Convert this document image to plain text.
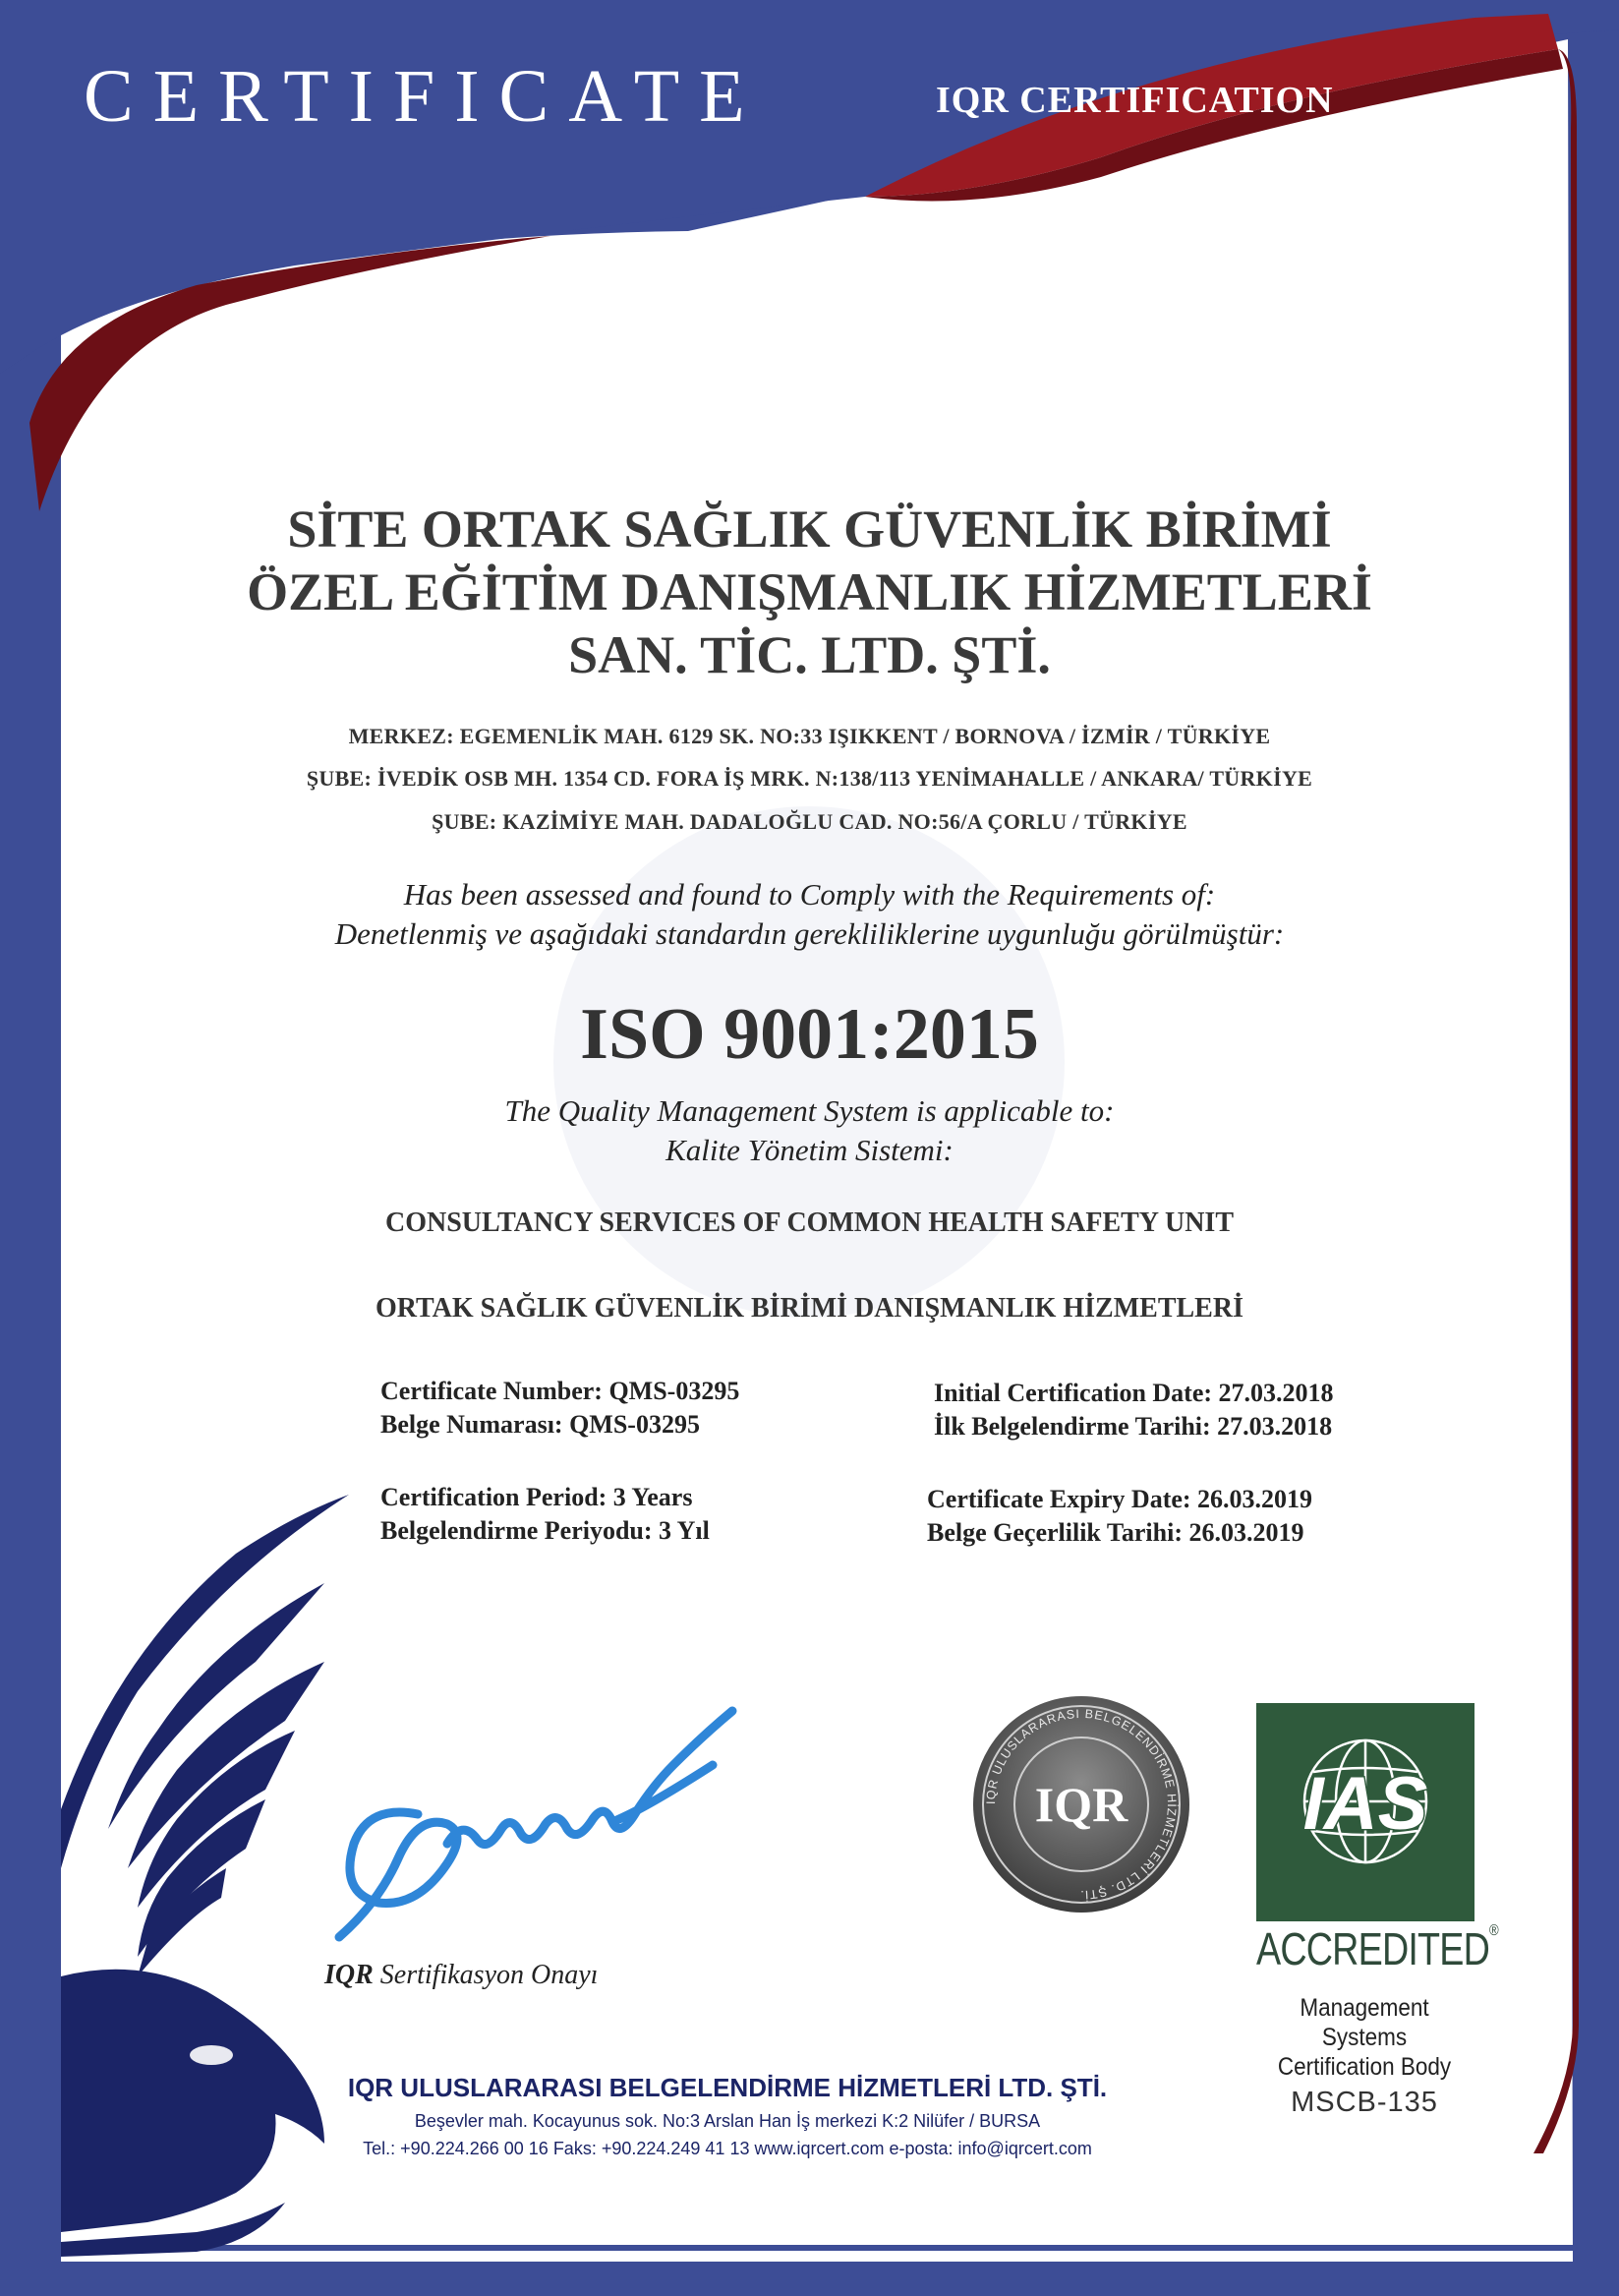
CERTIFICATE	IQR CERTIFICATION
SİTE ORTAK SAĞLIK GÜVENLİK BİRİMİ
ÖZEL EĞİTİM DANIŞMANLIK HİZMETLERİ
SAN. TİC. LTD. ŞTİ.
MERKEZ: EGEMENLİK MAH. 6129 SK. NO:33 IŞIKKENT / BORNOVA / İZMİR / TÜRKİYE
ŞUBE: İVEDİK OSB MH. 1354 CD. FORA İŞ MRK. N:138/113 YENİMAHALLE / ANKARA/ TÜRKİYE
ŞUBE: KAZİMİYE MAH. DADALOĞLU CAD. NO:56/A ÇORLU / TÜRKİYE
Has been assessed and found to Comply with the Requirements of:
Denetlenmiş ve aşağıdaki standardın gerekliliklerine uygunluğu görülmüştür:
ISO 9001:2015
The Quality Management System is applicable to:
Kalite Yönetim Sistemi:
CONSULTANCY SERVICES OF COMMON HEALTH SAFETY UNIT
ORTAK SAĞLIK GÜVENLİK BİRİMİ DANIŞMANLIK HİZMETLERİ
Certificate Number: QMS-03295
Belge Numarası: QMS-03295
Initial Certification Date: 27.03.2018
İlk Belgelendirme Tarihi: 27.03.2018
Certification Period: 3 Years
Belgelendirme Periyodu: 3 Yıl
Certificate Expiry Date: 26.03.2019
Belge Geçerlilik Tarihi: 26.03.2019
IQR Sertifikasyon Onayı
IQR ULUSLARARASI BELGELENDİRME HİZMETLERİ LTD. ŞTİ.
IQR IAS
ACCREDITED®
Management
Systems
Certification Body
MSCB-135
IQR ULUSLARARASI BELGELENDİRME HİZMETLERİ LTD. ŞTİ.
Beşevler mah. Kocayunus sok. No:3 Arslan Han İş merkezi K:2 Nilüfer / BURSA
Tel.: +90.224.266 00 16 Faks: +90.224.249 41 13 www.iqrcert.com e-posta: info@iqrcert.com
